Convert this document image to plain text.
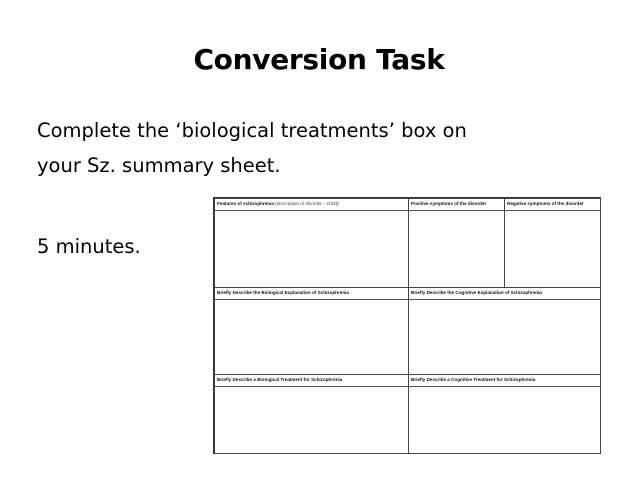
Conversion Task
Complete the ‘biological treatments’ box on
your Sz. summary sheet.
5 minutes.
Features of schizophrenia (description of disorder – DSM)	Positive symptoms of the disorder	Negative symptoms of the disorder
Briefly Describe the Biological Explanation of Schizophrenia	Briefly Describe the Cognitive Explanation of Schizophrenia
Briefly Describe a Biological Treatment for Schizophrenia	Briefly Describe a Cognitive Treatment for Schizophrenia
